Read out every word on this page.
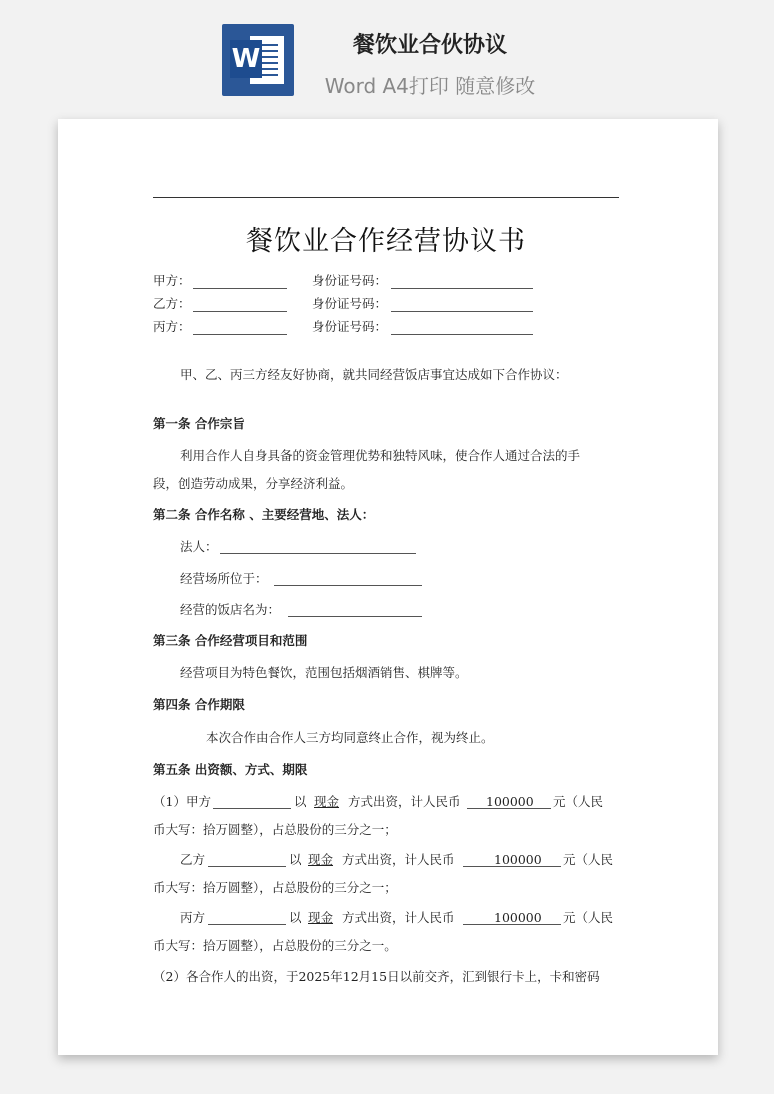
W	餐饮业合伙协议
Word A4打印 随意修改
餐饮业合作经营协议书
甲方：	身份证号码：
乙方：	身份证号码：
丙方：	身份证号码：
甲、乙、丙三方经友好协商，就共同经营饭店事宜达成如下合作协议：
第一条 合作宗旨
利用合作人自身具备的资金管理优势和独特风味，使合作人通过合法的手
段，创造劳动成果，分享经济利益。
第二条 合作名称 、主要经营地、法人：
法人：
经营场所位于：
经营的饭店名为：
第三条 合作经营项目和范围
经营项目为特色餐饮，范围包括烟酒销售、棋牌等。
第四条 合作期限
本次合作由合作人三方均同意终止合作，视为终止。
第五条 出资额、方式、期限
（1）甲方	以 现金 方式出资，计人民币 100000 元（人民
币大写：拾万圆整），占总股份的三分之一；
乙方	以 现金 方式出资，计人民币	100000 元（人民
币大写：拾万圆整），占总股份的三分之一；
丙方	以 现金 方式出资，计人民币	100000 元（人民
币大写：拾万圆整），占总股份的三分之一。
（2）各合作人的出资，于2025年12月15日以前交齐，汇到银行卡上，卡和密码
